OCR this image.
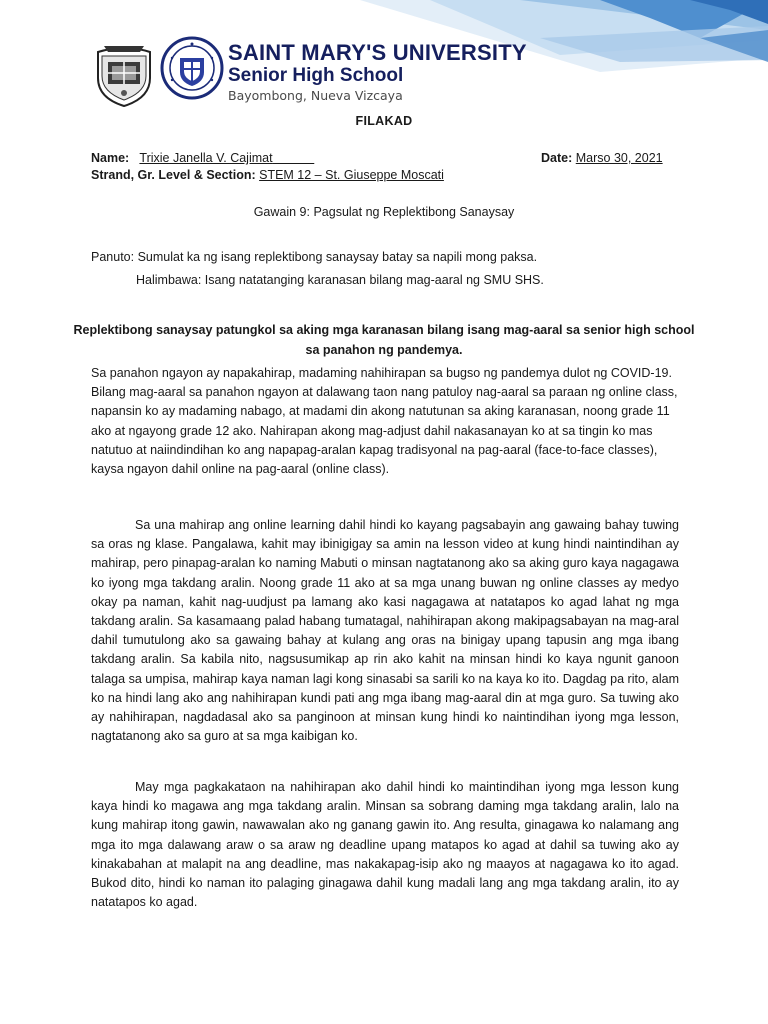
SAINT MARY'S UNIVERSITY
Senior High School
Bayombong, Nueva Vizcaya
FILAKAD
Name: Trixie Janella V. Cajimat	Date: Marso 30, 2021
Strand, Gr. Level & Section: STEM 12 – St. Giuseppe Moscati
Gawain 9: Pagsulat ng Replektibong Sanaysay
Panuto: Sumulat ka ng isang replektibong sanaysay batay sa napili mong paksa.
Halimbawa: Isang natatanging karanasan bilang mag-aaral ng SMU SHS.
Replektibong sanaysay patungkol sa aking mga karanasan bilang isang mag-aaral sa senior high school
sa panahon ng pandemya.
Sa panahon ngayon ay napakahirap, madaming nahihirapan sa bugso ng pandemya dulot ng COVID-19. Bilang mag-aaral sa panahon ngayon at dalawang taon nang patuloy nag-aaral sa paraan ng online class, napansin ko ay madaming nabago, at madami din akong natutunan sa aking karanasan, noong grade 11 ako at ngayong grade 12 ako. Nahirapan akong mag-adjust dahil nakasanayan ko at sa tingin ko mas natutuo at naiindindihan ko ang napapag-aralan kapag tradisyonal na pag-aaral (face-to-face classes), kaysa ngayon dahil online na pag-aaral (online class).
Sa una mahirap ang online learning dahil hindi ko kayang pagsabayin ang gawaing bahay tuwing sa oras ng klase. Pangalawa, kahit may ibinigigay sa amin na lesson video at kung hindi naintindihan ay mahirap, pero pinapag-aralan ko naming Mabuti o minsan nagtatanong ako sa aking guro kaya nagagawa ko iyong mga takdang aralin. Noong grade 11 ako at sa mga unang buwan ng online classes ay medyo okay pa naman, kahit nag-uudjust pa lamang ako kasi nagagawa at natatapos ko agad lahat ng mga takdang aralin. Sa kasamaang palad habang tumatagal, nahihirapan akong makipagsabayan na mag-aral dahil tumutulong ako sa gawaing bahay at kulang ang oras na binigay upang tapusin ang mga ibang takdang aralin. Sa kabila nito, nagsusumikap ap rin ako kahit na minsan hindi ko kaya ngunit ganoon talaga sa umpisa, mahirap kaya naman lagi kong sinasabi sa sarili ko na kaya ko ito. Dagdag pa rito, alam ko na hindi lang ako ang nahihirapan kundi pati ang mga ibang mag-aaral din at mga guro. Sa tuwing ako ay nahihirapan, nagdadasal ako sa panginoon at minsan kung hindi ko naintindihan iyong mga lesson, nagtatanong ako sa guro at sa mga kaibigan ko.
May mga pagkakataon na nahihirapan ako dahil hindi ko maintindihan iyong mga lesson kung kaya hindi ko magawa ang mga takdang aralin. Minsan sa sobrang daming mga takdang aralin, lalo na kung mahirap itong gawin, nawawalan ako ng ganang gawin ito. Ang resulta, ginagawa ko nalamang ang mga ito mga dalawang araw o sa araw ng deadline upang matapos ko agad at dahil sa tuwing ako ay kinakabahan at malapit na ang deadline, mas nakakapag-isip ako ng maayos at nagagawa ko ito agad. Bukod dito, hindi ko naman ito palaging ginagawa dahil kung madali lang ang mga takdang aralin, ito ay natatapos ko agad.
